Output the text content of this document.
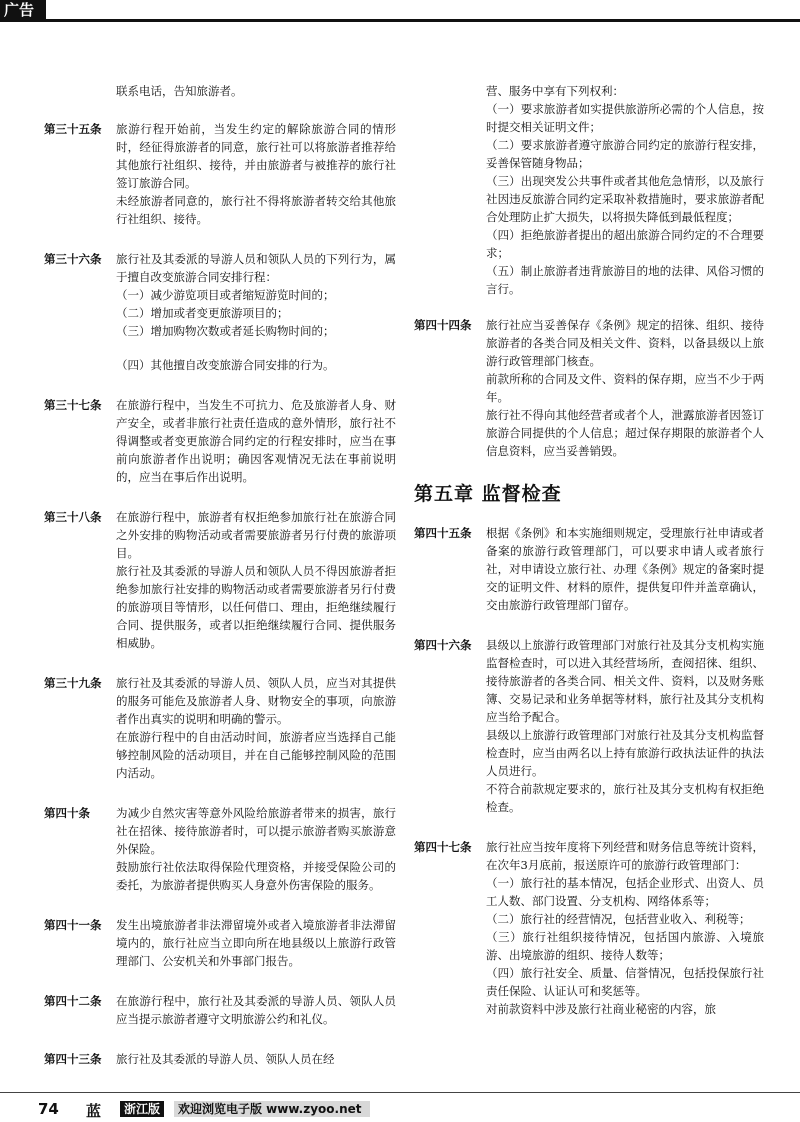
广告
联系电话，告知旅游者。
第三十五条	旅游行程开始前，当发生约定的解除旅游合同的情形时，经征得旅游者的同意，旅行社可以将旅游者推荐给其他旅行社组织、接待，并由旅游者与被推荐的旅行社签订旅游合同。

未经旅游者同意的，旅行社不得将旅游者转交给其他旅行社组织、接待。

第三十六条	旅行社及其委派的导游人员和领队人员的下列行为，属于擅自改变旅游合同安排行程：

（一）减少游览项目或者缩短游览时间的；

（二）增加或者变更旅游项目的；

（三）增加购物次数或者延长购物时间的；

（四）其他擅自改变旅游合同安排的行为。

第三十七条	在旅游行程中，当发生不可抗力、危及旅游者人身、财产安全，或者非旅行社责任造成的意外情形，旅行社不得调整或者变更旅游合同约定的行程安排时，应当在事前向旅游者作出说明；确因客观情况无法在事前说明的，应当在事后作出说明。

第三十八条	在旅游行程中，旅游者有权拒绝参加旅行社在旅游合同之外安排的购物活动或者需要旅游者另行付费的旅游项目。

旅行社及其委派的导游人员和领队人员不得因旅游者拒绝参加旅行社安排的购物活动或者需要旅游者另行付费的旅游项目等情形，以任何借口、理由，拒绝继续履行合同、提供服务，或者以拒绝继续履行合同、提供服务相威胁。

第三十九条	旅行社及其委派的导游人员、领队人员，应当对其提供的服务可能危及旅游者人身、财物安全的事项，向旅游者作出真实的说明和明确的警示。

在旅游行程中的自由活动时间，旅游者应当选择自己能够控制风险的活动项目，并在自己能够控制风险的范围内活动。

第四十条	为减少自然灾害等意外风险给旅游者带来的损害，旅行社在招徕、接待旅游者时，可以提示旅游者购买旅游意外保险。

鼓励旅行社依法取得保险代理资格，并接受保险公司的委托，为旅游者提供购买人身意外伤害保险的服务。

第四十一条	发生出境旅游者非法滞留境外或者入境旅游者非法滞留境内的，旅行社应当立即向所在地县级以上旅游行政管理部门、公安机关和外事部门报告。

第四十二条	在旅游行程中，旅行社及其委派的导游人员、领队人员应当提示旅游者遵守文明旅游公约和礼仪。

第四十三条	旅行社及其委派的导游人员、领队人员在经

营、服务中享有下列权利：

（一）要求旅游者如实提供旅游所必需的个人信息，按时提交相关证明文件；

（二）要求旅游者遵守旅游合同约定的旅游行程安排，妥善保管随身物品；

（三）出现突发公共事件或者其他危急情形，以及旅行社因违反旅游合同约定采取补救措施时，要求旅游者配合处理防止扩大损失，以将损失降低到最低程度；

（四）拒绝旅游者提出的超出旅游合同约定的不合理要求；

（五）制止旅游者违背旅游目的地的法律、风俗习惯的言行。

第四十四条	旅行社应当妥善保存《条例》规定的招徕、组织、接待旅游者的各类合同及相关文件、资料，以备县级以上旅游行政管理部门核查。

前款所称的合同及文件、资料的保存期，应当不少于两年。

旅行社不得向其他经营者或者个人，泄露旅游者因签订旅游合同提供的个人信息；超过保存期限的旅游者个人信息资料，应当妥善销毁。

第五章 监督检查
第四十五条	根据《条例》和本实施细则规定，受理旅行社申请或者备案的旅游行政管理部门，可以要求申请人或者旅行社，对申请设立旅行社、办理《条例》规定的备案时提交的证明文件、材料的原件，提供复印件并盖章确认，交由旅游行政管理部门留存。

第四十六条	县级以上旅游行政管理部门对旅行社及其分支机构实施监督检查时，可以进入其经营场所，查阅招徕、组织、接待旅游者的各类合同、相关文件、资料，以及财务账簿、交易记录和业务单据等材料，旅行社及其分支机构应当给予配合。

县级以上旅游行政管理部门对旅行社及其分支机构监督检查时，应当由两名以上持有旅游行政执法证件的执法人员进行。

不符合前款规定要求的，旅行社及其分支机构有权拒绝检查。

第四十七条	旅行社应当按年度将下列经营和财务信息等统计资料，在次年3月底前，报送原许可的旅游行政管理部门：

（一）旅行社的基本情况，包括企业形式、出资人、员工人数、部门设置、分支机构、网络体系等；

（二）旅行社的经营情况，包括营业收入、利税等；

（三）旅行社组织接待情况，包括国内旅游、入境旅游、出境旅游的组织、接待人数等；

（四）旅行社安全、质量、信誉情况，包括投保旅行社责任保险、认证认可和奖惩等。

对前款资料中涉及旅行社商业秘密的内容，旅

74 蓝	浙江版	欢迎浏览电子版 www.zyoo.net
